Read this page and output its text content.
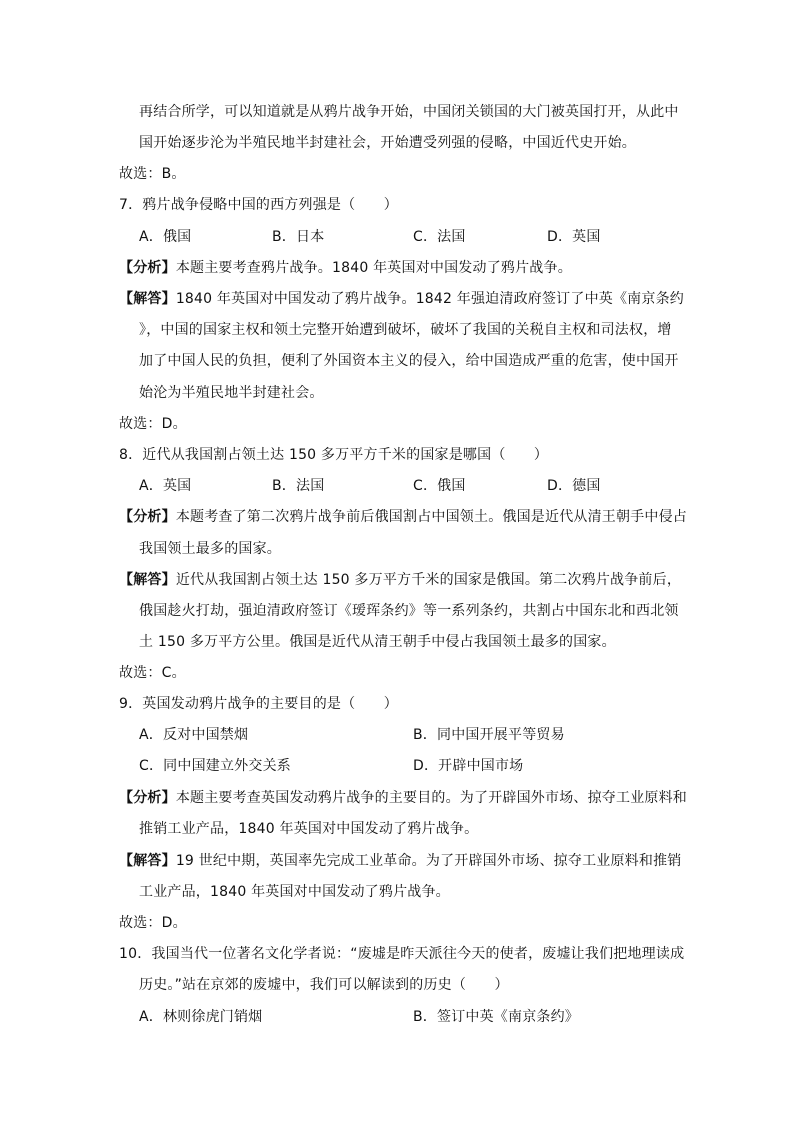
再结合所学，可以知道就是从鸦片战争开始，中国闭关锁国的大门被英国打开，从此中
国开始逐步沦为半殖民地半封建社会，开始遭受列强的侵略，中国近代史开始。
故选：B。
7．鸦片战争侵略中国的西方列强是（　　）
A．俄国	B．日本	C．法国	D．英国
【分析】本题主要考查鸦片战争。1840 年英国对中国发动了鸦片战争。
【解答】1840 年英国对中国发动了鸦片战争。1842 年强迫清政府签订了中英《南京条约
》，中国的国家主权和领土完整开始遭到破坏，破坏了我国的关税自主权和司法权，增
加了中国人民的负担，便利了外国资本主义的侵入，给中国造成严重的危害，使中国开
始沦为半殖民地半封建社会。
故选：D。
8．近代从我国割占领土达 150 多万平方千米的国家是哪国（　　）
A．英国	B．法国	C．俄国	D．德国
【分析】本题考查了第二次鸦片战争前后俄国割占中国领土。俄国是近代从清王朝手中侵占
我国领土最多的国家。
【解答】近代从我国割占领土达 150 多万平方千米的国家是俄国。第二次鸦片战争前后，
俄国趁火打劫，强迫清政府签订《瑷珲条约》等一系列条约，共割占中国东北和西北领
土 150 多万平方公里。俄国是近代从清王朝手中侵占我国领土最多的国家。
故选：C。
9．英国发动鸦片战争的主要目的是（　　）
A．反对中国禁烟	B．同中国开展平等贸易
C．同中国建立外交关系	D．开辟中国市场
【分析】本题主要考查英国发动鸦片战争的主要目的。为了开辟国外市场、掠夺工业原料和
推销工业产品，1840 年英国对中国发动了鸦片战争。
【解答】19 世纪中期，英国率先完成工业革命。为了开辟国外市场、掠夺工业原料和推销
工业产品，1840 年英国对中国发动了鸦片战争。
故选：D。
10．我国当代一位著名文化学者说：“废墟是昨天派往今天的使者，废墟让我们把地理读成
历史。”站在京郊的废墟中，我们可以解读到的历史（　　）
A．林则徐虎门销烟	B．签订中英《南京条约》
